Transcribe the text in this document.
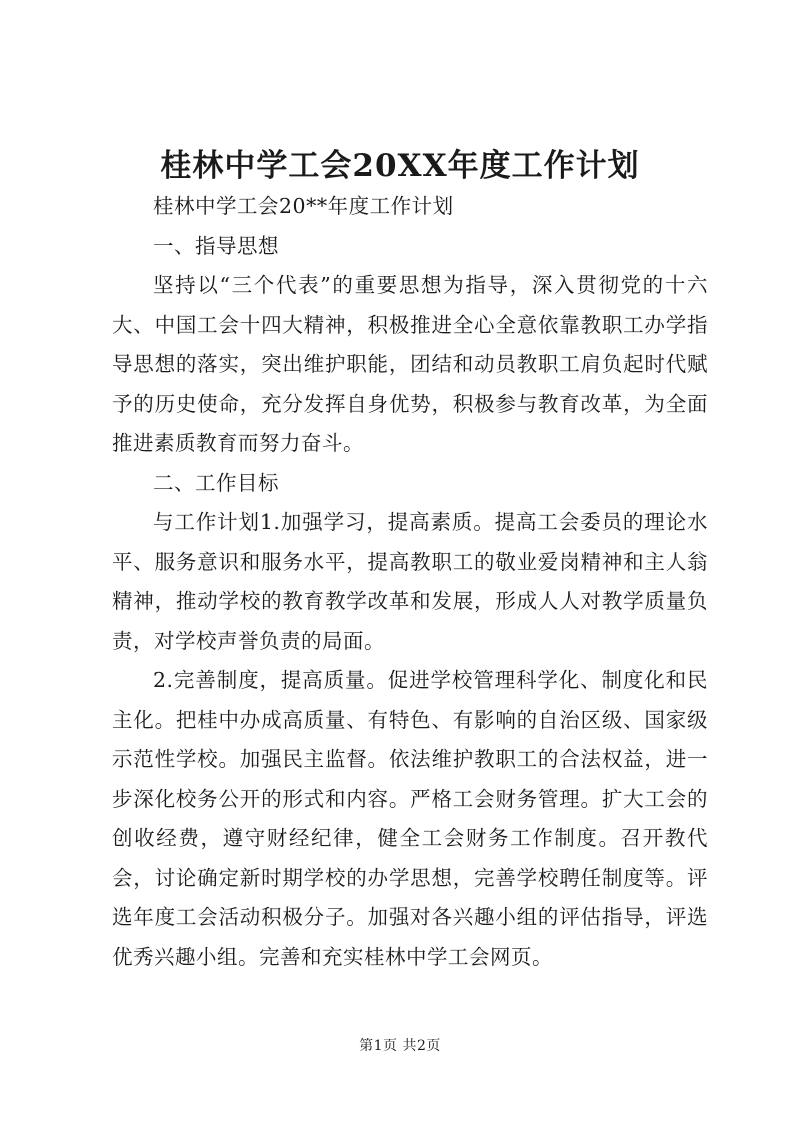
桂林中学工会20XX年度工作计划

桂林中学工会20**年度工作计划

一、指导思想

坚持以“三个代表”的重要思想为指导，深入贯彻党的十六大、中国工会十四大精神，积极推进全心全意依靠教职工办学指导思想的落实，突出维护职能，团结和动员教职工肩负起时代赋予的历史使命，充分发挥自身优势，积极参与教育改革，为全面推进素质教育而努力奋斗。

二、工作目标

与工作计划1.加强学习，提高素质。提高工会委员的理论水平、服务意识和服务水平，提高教职工的敬业爱岗精神和主人翁精神，推动学校的教育教学改革和发展，形成人人对教学质量负责，对学校声誉负责的局面。

2.完善制度，提高质量。促进学校管理科学化、制度化和民主化。把桂中办成高质量、有特色、有影响的自治区级、国家级示范性学校。加强民主监督。依法维护教职工的合法权益，进一步深化校务公开的形式和内容。严格工会财务管理。扩大工会的创收经费，遵守财经纪律，健全工会财务工作制度。召开教代会，讨论确定新时期学校的办学思想，完善学校聘任制度等。评选年度工会活动积极分子。加强对各兴趣小组的评估指导，评选优秀兴趣小组。完善和充实桂林中学工会网页。

第1页 共2页
